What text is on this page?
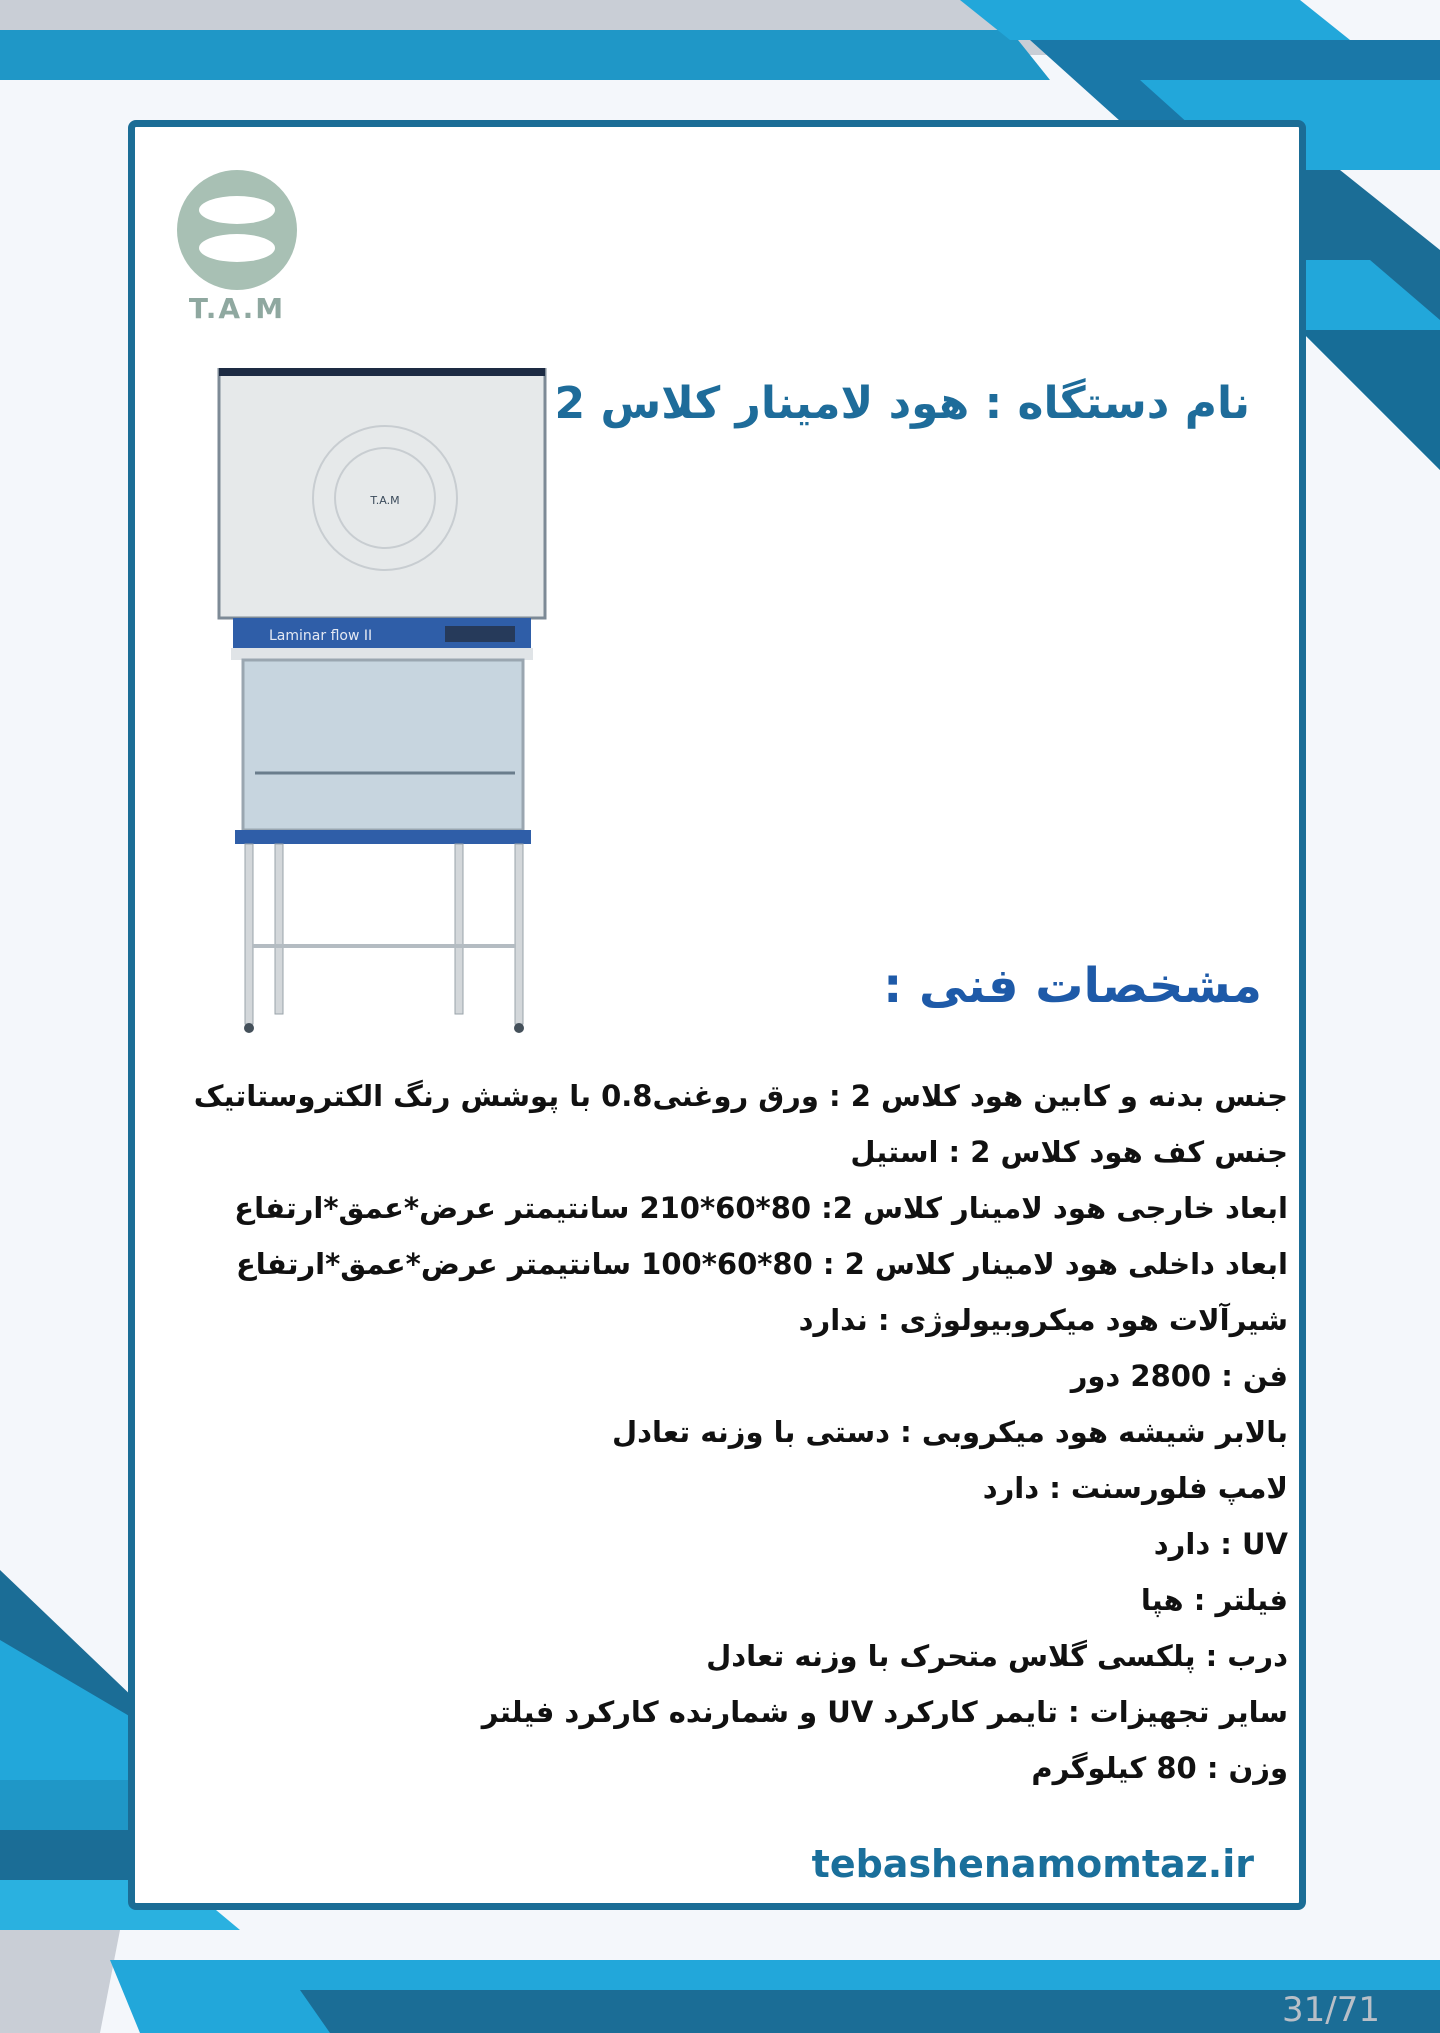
T.A.M
T.A.M
Laminar flow II
نام دستگاه : هود لامینار کلاس 2
مشخصات فنی :
جنس بدنه و کابین هود کلاس 2 : ورق روغنی0.8 با پوشش رنگ الکتروستاتیک
جنس کف هود کلاس 2 : استیل
ابعاد خارجی هود لامینار کلاس 2: 80*60*210 سانتیمتر عرض*عمق*ارتفاع
ابعاد داخلی هود لامینار کلاس 2 : 80*60*100 سانتیمتر عرض*عمق*ارتفاع
شیرآلات هود میکروبیولوژی : ندارد
فن : 2800 دور
بالابر شیشه هود میکروبی : دستی با وزنه تعادل
لامپ فلورسنت : دارد
UV : دارد
فیلتر : هپا
درب : پلکسی گلاس متحرک با وزنه تعادل
سایر تجهیزات : تایمر کارکرد UV و شمارنده کارکرد فیلتر
وزن : 80 کیلوگرم
tebashenamomtaz.ir
31/71
